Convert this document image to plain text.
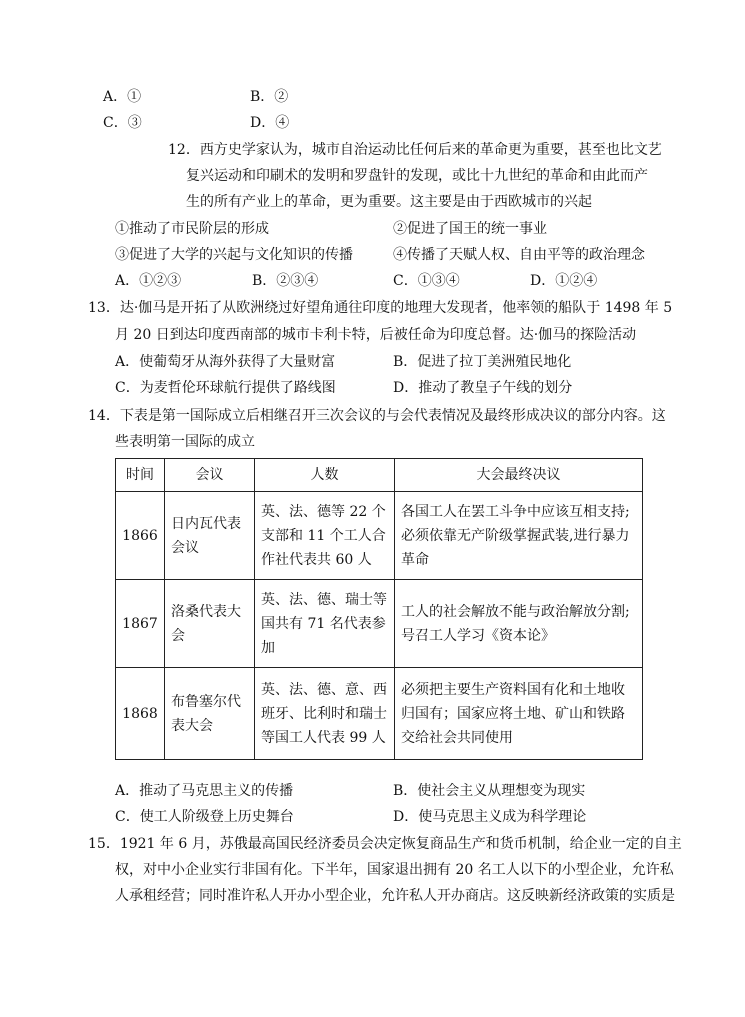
A．①	B．②
C．③	D．④
12．西方史学家认为，城市自治运动比任何后来的革命更为重要，甚至也比文艺
复兴运动和印刷术的发明和罗盘针的发现，或比十九世纪的革命和由此而产
生的所有产业上的革命，更为重要。这主要是由于西欧城市的兴起
①推动了市民阶层的形成	②促进了国王的统一事业
③促进了大学的兴起与文化知识的传播	④传播了天赋人权、自由平等的政治理念
A．①②③	B．②③④	C．①③④	D．①②④
13．达·伽马是开拓了从欧洲绕过好望角通往印度的地理大发现者，他率领的船队于 1498 年 5
月 20 日到达印度西南部的城市卡利卡特，后被任命为印度总督。达·伽马的探险活动
A．使葡萄牙从海外获得了大量财富	B．促进了拉丁美洲殖民地化
C．为麦哲伦环球航行提供了路线图	D．推动了教皇子午线的划分
14．下表是第一国际成立后相继召开三次会议的与会代表情况及最终形成决议的部分内容。这
些表明第一国际的成立
时间	会议	人数	大会最终决议
1866	日内瓦代表会议	英、法、德等 22 个支部和 11 个工人合作社代表共 60 人	各国工人在罢工斗争中应该互相支持;必须依靠无产阶级掌握武装,进行暴力革命
1867	洛桑代表大会	英、法、德、瑞士等国共有 71 名代表参加	工人的社会解放不能与政治解放分割;号召工人学习《资本论》
1868	布鲁塞尔代表大会	英、法、德、意、西班牙、比利时和瑞士等国工人代表 99 人	必须把主要生产资料国有化和土地收归国有；国家应将土地、矿山和铁路交给社会共同使用
A．推动了马克思主义的传播	B．使社会主义从理想变为现实
C．使工人阶级登上历史舞台	D．使马克思主义成为科学理论
15．1921 年 6 月，苏俄最高国民经济委员会决定恢复商品生产和货币机制，给企业一定的自主
权，对中小企业实行非国有化。下半年，国家退出拥有 20 名工人以下的小型企业，允许私
人承租经营；同时准许私人开办小型企业，允许私人开办商店。这反映新经济政策的实质是
